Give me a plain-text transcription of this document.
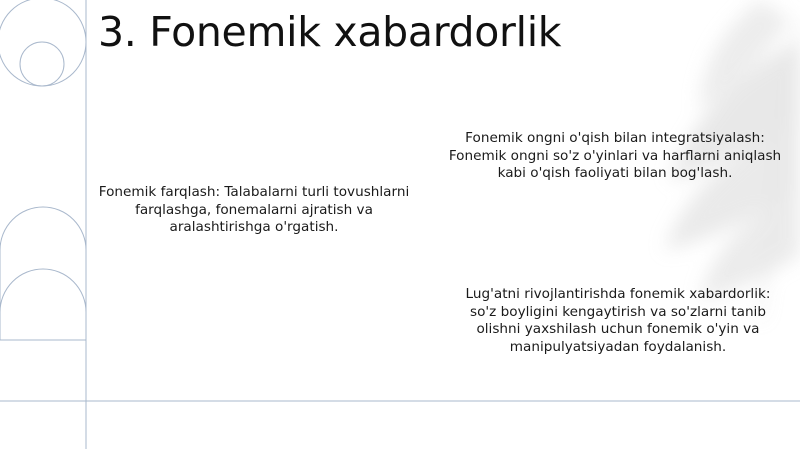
3. Fonemik xabardorlik
Fonemik farqlash: Talabalarni turli tovushlarni farqlashga, fonemalarni ajratish va aralashtirishga o'rgatish.
Fonemik ongni o'qish bilan integratsiyalash: Fonemik ongni so'z o'yinlari va harflarni aniqlash kabi o'qish faoliyati bilan bog'lash.
Lug'atni rivojlantirishda fonemik xabardorlik: so'z boyligini kengaytirish va so'zlarni tanib olishni yaxshilash uchun fonemik o'yin va manipulyatsiyadan foydalanish.
